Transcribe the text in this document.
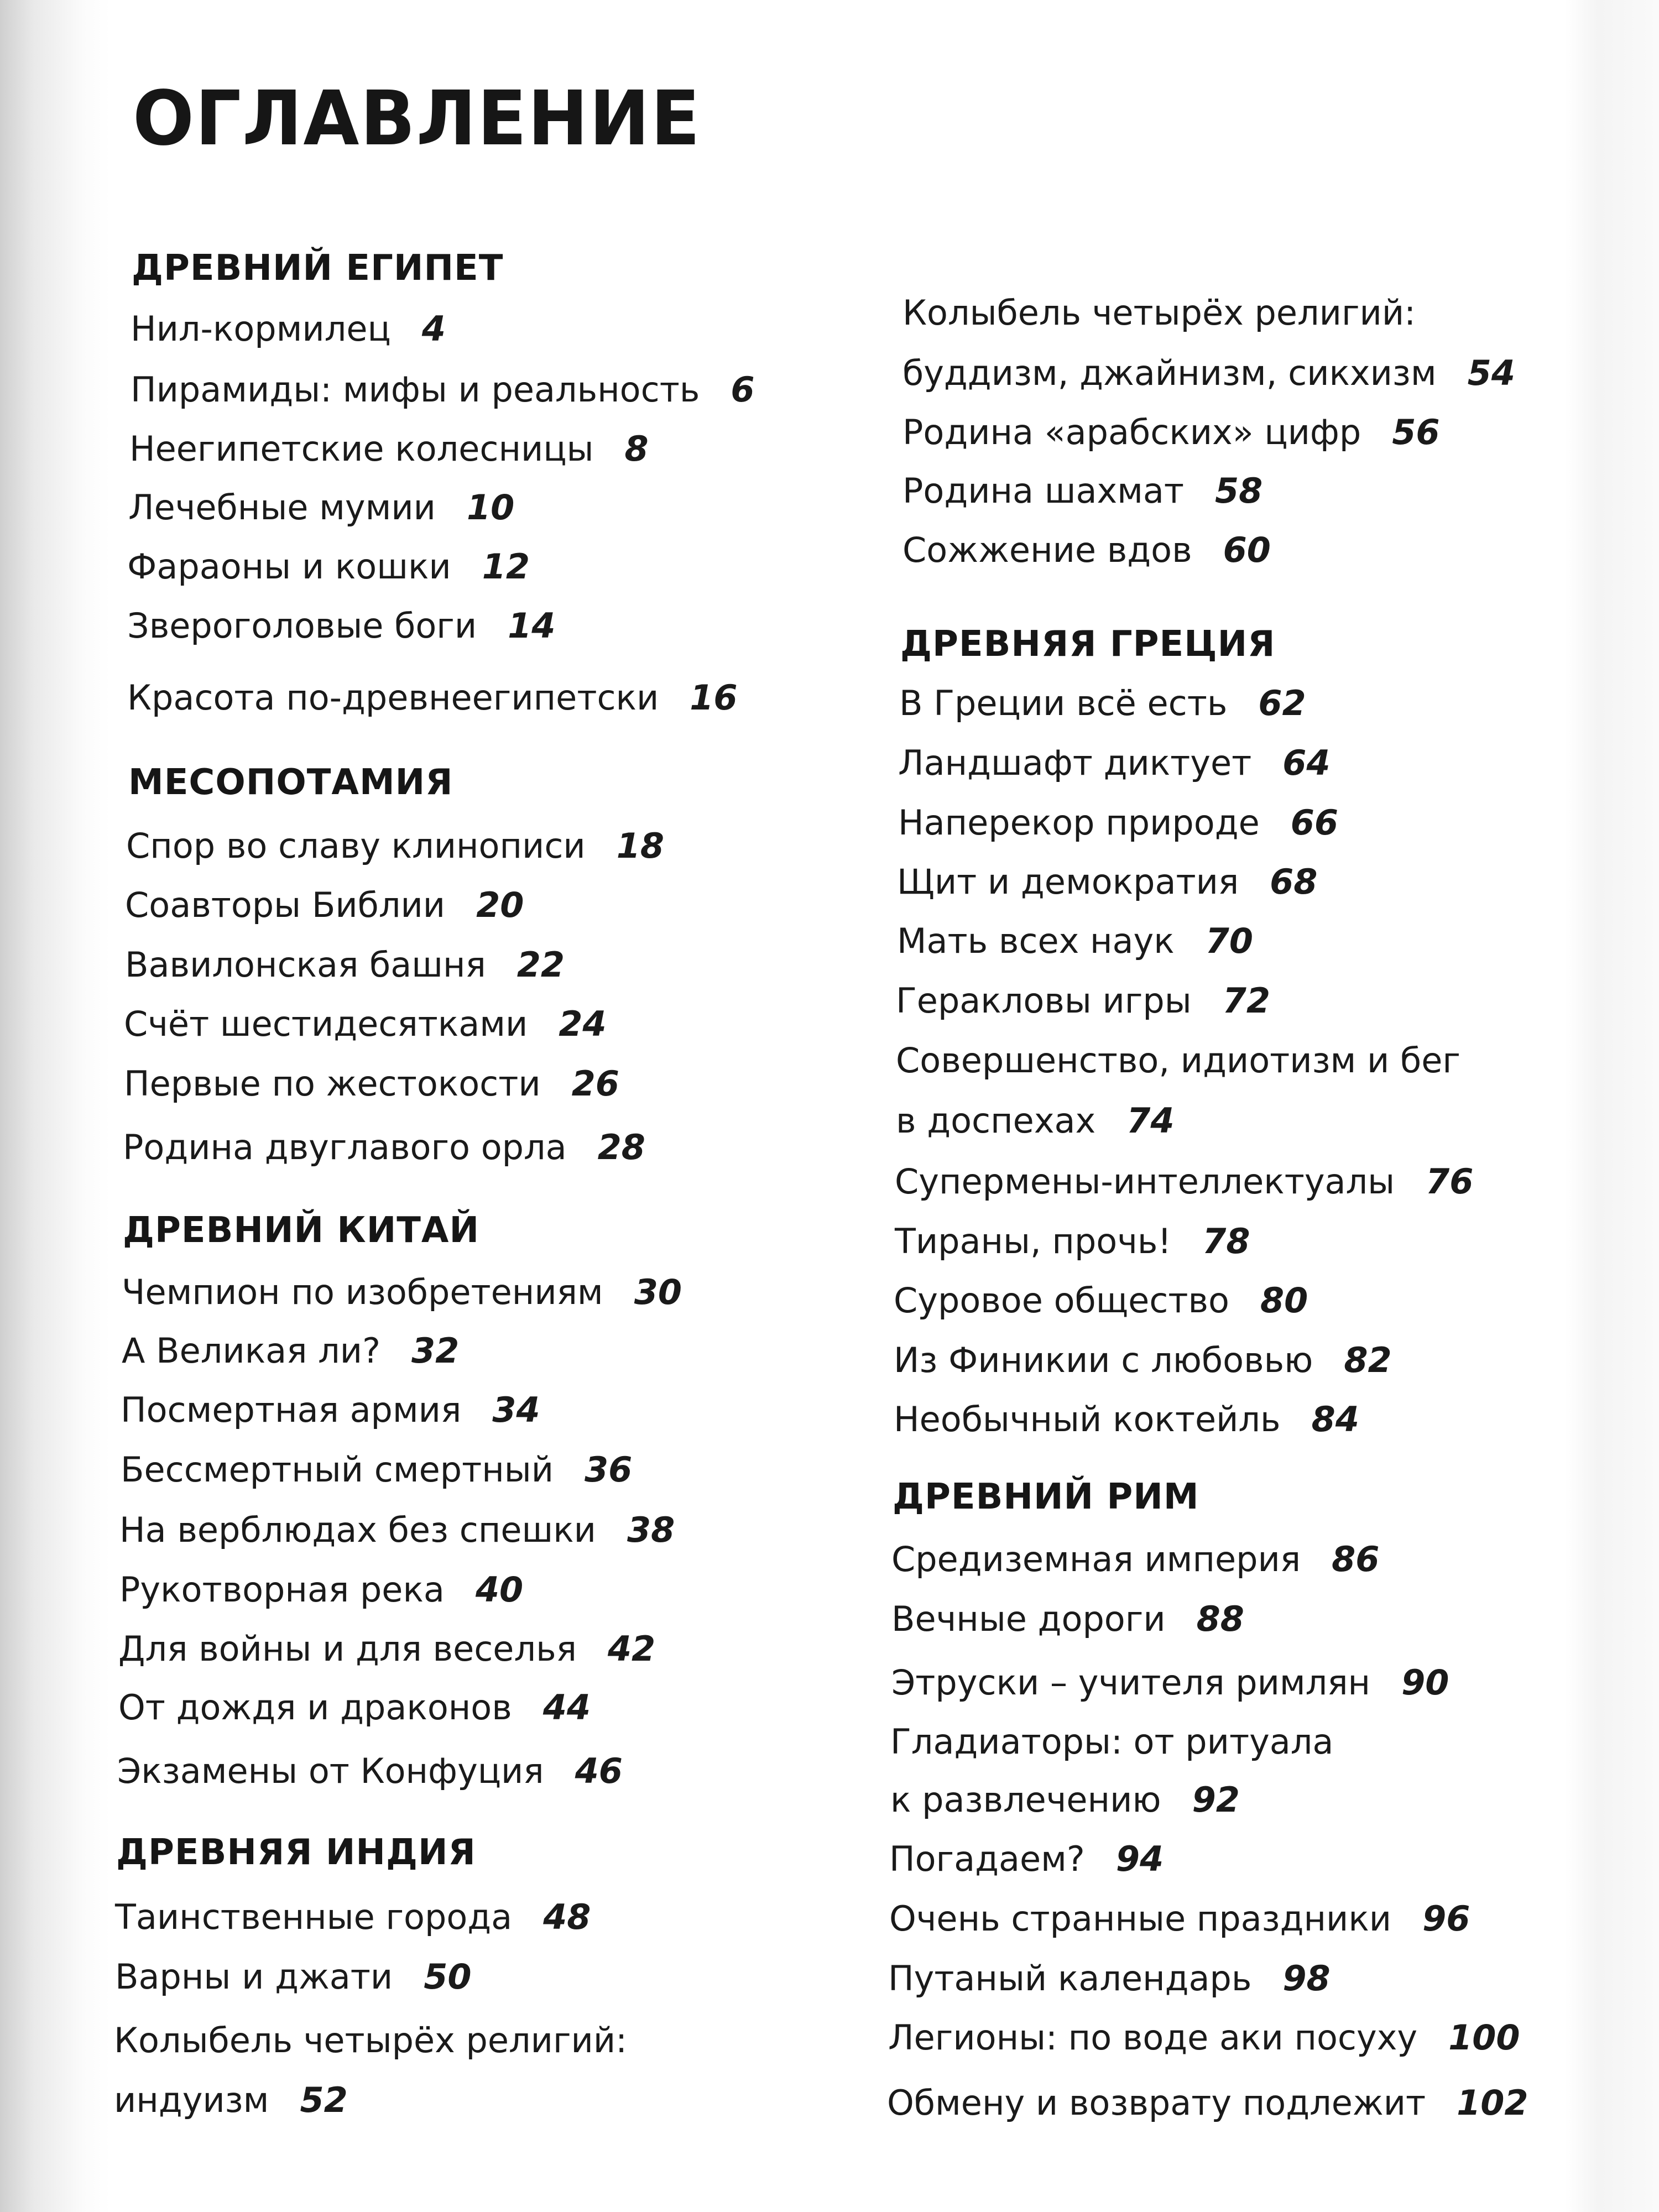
ОГЛАВЛЕНИЕ
ДРЕВНИЙ ЕГИПЕТ
Нил-кормилец 4
Пирамиды: мифы и реальность 6
Неегипетские колесницы 8
Лечебные мумии 10
Фараоны и кошки 12
Звероголовые боги 14
Красота по-древнеегипетски 16
МЕСОПОТАМИЯ
Спор во славу клинописи 18
Соавторы Библии 20
Вавилонская башня 22
Счёт шестидесятками 24
Первые по жестокости 26
Родина двуглавого орла 28
ДРЕВНИЙ КИТАЙ
Чемпион по изобретениям 30
А Великая ли? 32
Посмертная армия 34
Бессмертный смертный 36
На верблюдах без спешки 38
Рукотворная река 40
Для войны и для веселья 42
От дождя и драконов 44
Экзамены от Конфуция 46
ДРЕВНЯЯ ИНДИЯ
Таинственные города 48
Варны и джати 50
Колыбель четырёх религий:
индуизм 52
Колыбель четырёх религий:
буддизм, джайнизм, сикхизм 54
Родина «арабских» цифр 56
Родина шахмат 58
Сожжение вдов 60
ДРЕВНЯЯ ГРЕЦИЯ
В Греции всё есть 62
Ландшафт диктует 64
Наперекор природе 66
Щит и демократия 68
Мать всех наук 70
Геракловы игры 72
Совершенство, идиотизм и бег
в доспехах 74
Супермены-интеллектуалы 76
Тираны, прочь! 78
Суровое общество 80
Из Финикии с любовью 82
Необычный коктейль 84
ДРЕВНИЙ РИМ
Средиземная империя 86
Вечные дороги 88
Этруски – учителя римлян 90
Гладиаторы: от ритуала
к развлечению 92
Погадаем? 94
Очень странные праздники 96
Путаный календарь 98
Легионы: по воде аки посуху 100
Обмену и возврату подлежит 102
